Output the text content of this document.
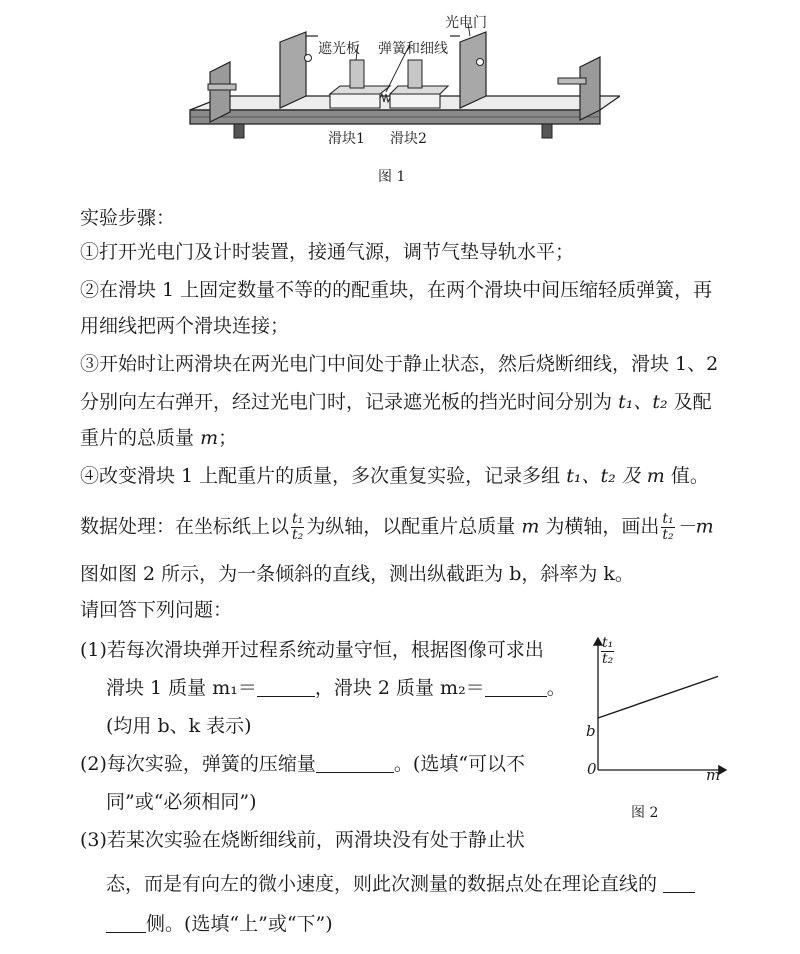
光电门
遮光板 弹簧和细线
滑块1 滑块2
图 1
实验步骤：
①打开光电门及计时装置，接通气源，调节气垫导轨水平；
②在滑块 1 上固定数量不等的的配重块，在两个滑块中间压缩轻质弹簧，再
用细线把两个滑块连接；
③开始时让两滑块在两光电门中间处于静止状态，然后烧断细线，滑块 1、2
分别向左右弹开，经过光电门时，记录遮光板的挡光时间分别为 t₁、t₂ 及配
重片的总质量 m；
④改变滑块 1 上配重片的质量，多次重复实验，记录多组 t₁、t₂ 及 m 值。
数据处理：在坐标纸上以 $\frac{\text{t₁}}{\text{t₂}}$ 为纵轴，以配重片总质量 m 为横轴，画出 $\frac{\text{t₁}}{\text{t₂}} -m$
图如图 2 所示，为一条倾斜的直线，测出纵截距为 b，斜率为 k。
请回答下列问题：
(1)若每次滑块弹开过程系统动量守恒，根据图像可求出
滑块 1 质量 m₁＝	，滑块 2 质量 m₂＝	。
(均用 b、k 表示)
(2)每次实验，弹簧的压缩量	。(选填“可以不
同”或“必须相同”)
(3)若某次实验在烧断细线前，两滑块没有处于静止状
态，而是有向左的微小速度，则此次测量的数据点处在理论直线的
侧。(选填“上”或“下”)
$\frac{\text{t₁}}{\text{t₂}}$
b
0	m
图 2
